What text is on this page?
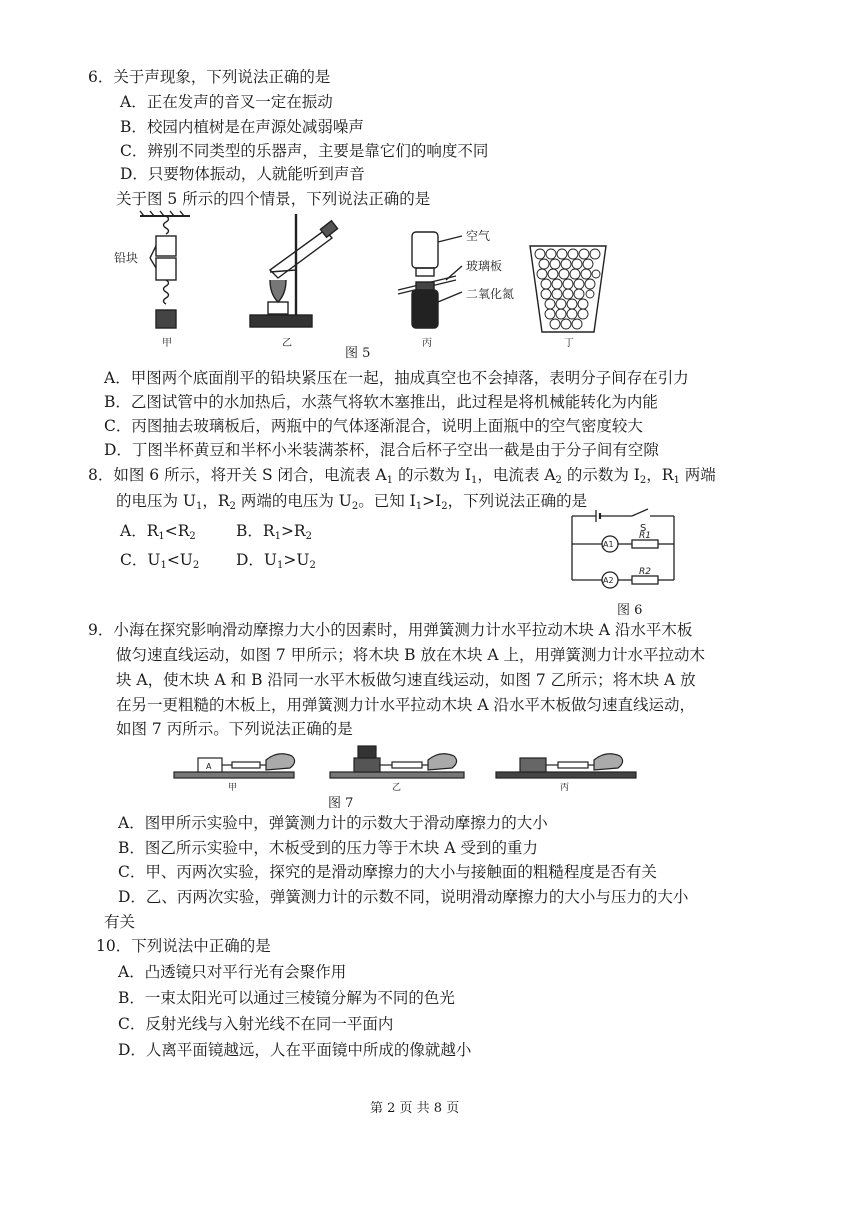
6．关于声现象，下列说法正确的是
A．正在发声的音叉一定在振动
B．校园内植树是在声源处减弱噪声
C．辨别不同类型的乐器声，主要是靠它们的响度不同
D．只要物体振动，人就能听到声音
关于图 5 所示的四个情景，下列说法正确的是
铅块
甲	乙
空气
玻璃板
二氧化氮
丙	丁
图 5
A．甲图两个底面削平的铅块紧压在一起，抽成真空也不会掉落，表明分子间存在引力
B．乙图试管中的水加热后，水蒸气将软木塞推出，此过程是将机械能转化为内能
C．丙图抽去玻璃板后，两瓶中的气体逐渐混合，说明上面瓶中的空气密度较大
D．丁图半杯黄豆和半杯小米装满茶杯，混合后杯子空出一截是由于分子间有空隙
8．如图 6 所示，将开关 S 闭合，电流表 $A_1$ 的示数为 $I_1$，电流表 $A_2$ 的示数为 $I_2$，$R_1$ 两端
的电压为 $U_1$，$R_2$ 两端的电压为 $U_2$。已知 $I_1>I_2$，下列说法正确的是
A．$R_1<R_2$	B．$R_1>R_2$
C．$U_1<U_2$ D．$U_1>U_2$
S
A1
A2
R1
R2
图 6
9．小海在探究影响滑动摩擦力大小的因素时，用弹簧测力计水平拉动木块 A 沿水平木板
做匀速直线运动，如图 7 甲所示；将木块 B 放在木块 A 上，用弹簧测力计水平拉动木
块 A，使木块 A 和 B 沿同一水平木板做匀速直线运动，如图 7 乙所示；将木块 A 放
在另一更粗糙的木板上，用弹簧测力计水平拉动木块 A 沿水平木板做匀速直线运动，
如图 7 丙所示。下列说法正确的是
A
甲	乙	丙
图 7
A．图甲所示实验中，弹簧测力计的示数大于滑动摩擦力的大小
B．图乙所示实验中，木板受到的压力等于木块 A 受到的重力
C．甲、丙两次实验，探究的是滑动摩擦力的大小与接触面的粗糙程度是否有关
D．乙、丙两次实验，弹簧测力计的示数不同，说明滑动摩擦力的大小与压力的大小
有关
10．下列说法中正确的是
A．凸透镜只对平行光有会聚作用
B．一束太阳光可以通过三棱镜分解为不同的色光
C．反射光线与入射光线不在同一平面内
D．人离平面镜越远，人在平面镜中所成的像就越小
第 2 页 共 8 页
